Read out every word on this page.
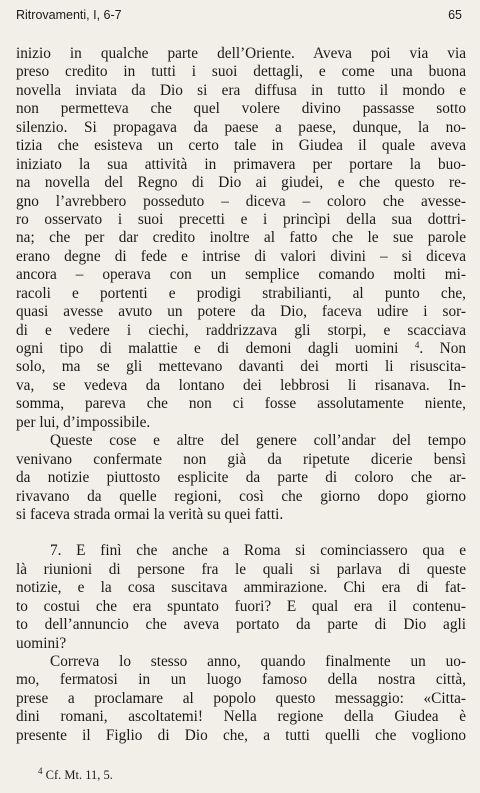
Ritrovamenti, I, 6-7	65
inizio in qualche parte dell’Oriente. Aveva poi via via
preso credito in tutti i suoi dettagli, e come una buona
novella inviata da Dio si era diffusa in tutto il mondo e
non permetteva che quel volere divino passasse sotto
silenzio. Si propagava da paese a paese, dunque, la no-
tizia che esisteva un certo tale in Giudea il quale aveva
iniziato la sua attività in primavera per portare la buo-
na novella del Regno di Dio ai giudei, e che questo re-
gno l’avrebbero posseduto – diceva – coloro che avesse-
ro osservato i suoi precetti e i princìpi della sua dottri-
na; che per dar credito inoltre al fatto che le sue parole
erano degne di fede e intrise di valori divini – si diceva
ancora – operava con un semplice comando molti mi-
racoli e portenti e prodigi strabilianti, al punto che,
quasi avesse avuto un potere da Dio, faceva udire i sor-
di e vedere i ciechi, raddrizzava gli storpi, e scacciava
ogni tipo di malattie e di demoni dagli uomini $^4$. Non
solo, ma se gli mettevano davanti dei morti li risuscita-
va, se vedeva da lontano dei lebbrosi li risanava. In-
somma, pareva che non ci fosse assolutamente niente,
per lui, d’impossibile.
Queste cose e altre del genere coll’andar del tempo
venivano confermate non già da ripetute dicerie bensì
da notizie piuttosto esplicite da parte di coloro che ar-
rivavano da quelle regioni, così che giorno dopo giorno
si faceva strada ormai la verità su quei fatti.
7. E finì che anche a Roma si cominciassero qua e
là riunioni di persone fra le quali si parlava di queste
notizie, e la cosa suscitava ammirazione. Chi era di fat-
to costui che era spuntato fuori? E qual era il contenu-
to dell’annuncio che aveva portato da parte di Dio agli
uomini?
Correva lo stesso anno, quando finalmente un uo-
mo, fermatosi in un luogo famoso della nostra città,
prese a proclamare al popolo questo messaggio: «Citta-
dini romani, ascoltatemi! Nella regione della Giudea è
presente il Figlio di Dio che, a tutti quelli che vogliono
$^4$ Cf. Mt. 11, 5.
